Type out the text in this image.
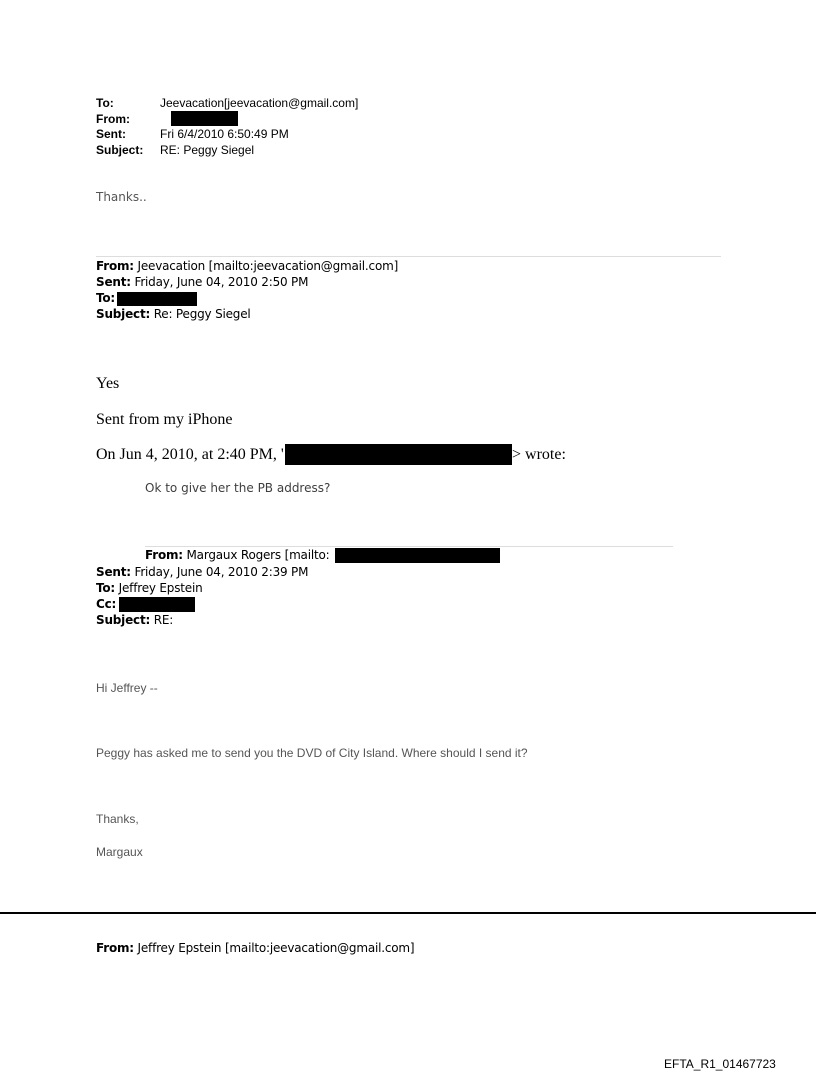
To:	Jeevacation[jeevacation@gmail.com]
From:
Sent:	Fri 6/4/2010 6:50:49 PM
Subject: RE: Peggy Siegel
Thanks..
From: Jeevacation [mailto:jeevacation@gmail.com]
Sent: Friday, June 04, 2010 2:50 PM
To:
Subject: Re: Peggy Siegel
Yes
Sent from my iPhone
On Jun 4, 2010, at 2:40 PM, '	> wrote:
Ok to give her the PB address?
From: Margaux Rogers [mailto:
Sent: Friday, June 04, 2010 2:39 PM
To: Jeffrey Epstein
Cc:
Subject: RE:
Hi Jeffrey --
Peggy has asked me to send you the DVD of City Island. Where should I send it?
Thanks,
Margaux
From: Jeffrey Epstein [mailto:jeevacation@gmail.com]
EFTA_R1_01467723
